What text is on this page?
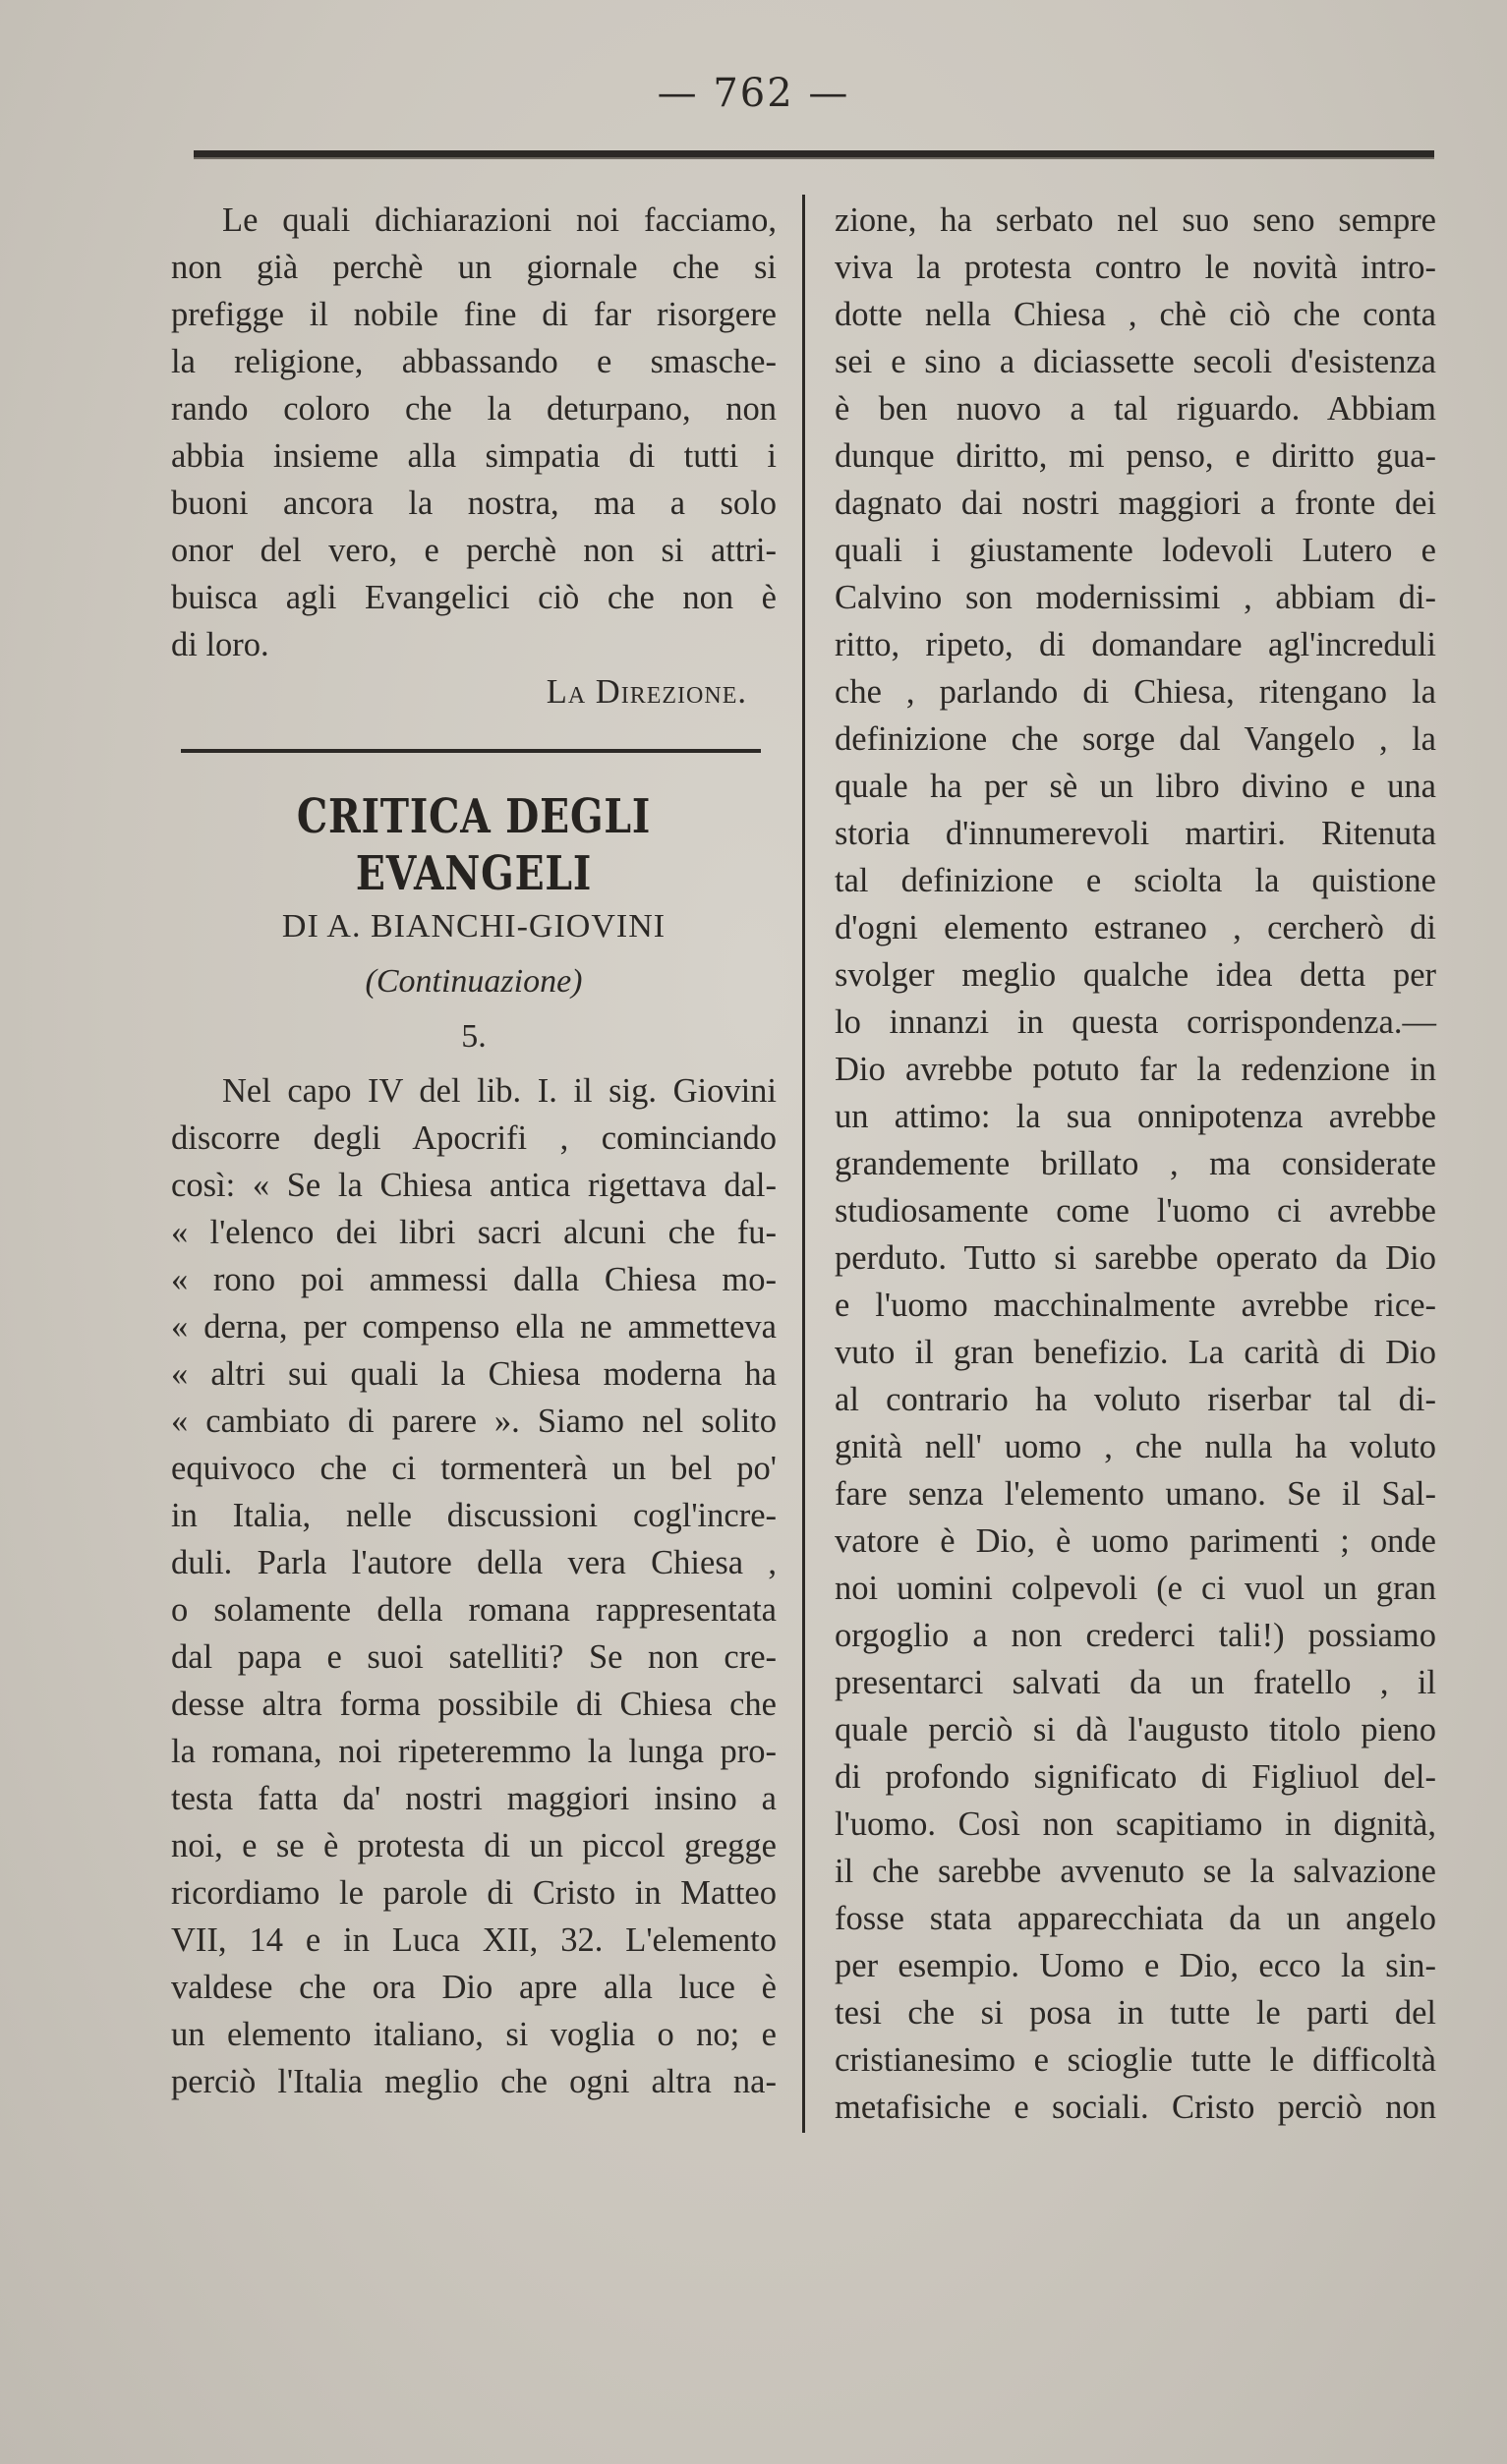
— 762 —
Le quali dichiarazioni noi facciamo,
non già perchè un giornale che si
prefigge il nobile fine di far risorgere
la religione, abbassando e smasche-
rando coloro che la deturpano, non
abbia insieme alla simpatia di tutti i
buoni ancora la nostra, ma a solo
onor del vero, e perchè non si attri-
buisca agli Evangelici ciò che non è
di loro.
La Direzione.
CRITICA DEGLI EVANGELI
DI A. BIANCHI-GIOVINI
(Continuazione)
5.
Nel capo IV del lib. I. il sig. Giovini
discorre degli Apocrifi , cominciando
così: « Se la Chiesa antica rigettava dal-
« l'elenco dei libri sacri alcuni che fu-
« rono poi ammessi dalla Chiesa mo-
« derna, per compenso ella ne ammetteva
« altri sui quali la Chiesa moderna ha
« cambiato di parere ». Siamo nel solito
equivoco che ci tormenterà un bel po'
in Italia, nelle discussioni cogl'incre-
duli. Parla l'autore della vera Chiesa ,
o solamente della romana rappresentata
dal papa e suoi satelliti? Se non cre-
desse altra forma possibile di Chiesa che
la romana, noi ripeteremmo la lunga pro-
testa fatta da' nostri maggiori insino a
noi, e se è protesta di un piccol gregge
ricordiamo le parole di Cristo in Matteo
VII, 14 e in Luca XII, 32. L'elemento
valdese che ora Dio apre alla luce è
un elemento italiano, si voglia o no; e
perciò l'Italia meglio che ogni altra na-
zione, ha serbato nel suo seno sempre
viva la protesta contro le novità intro-
dotte nella Chiesa , chè ciò che conta
sei e sino a diciassette secoli d'esistenza
è ben nuovo a tal riguardo. Abbiam
dunque diritto, mi penso, e diritto gua-
dagnato dai nostri maggiori a fronte dei
quali i giustamente lodevoli Lutero e
Calvino son modernissimi , abbiam di-
ritto, ripeto, di domandare agl'increduli
che , parlando di Chiesa, ritengano la
definizione che sorge dal Vangelo , la
quale ha per sè un libro divino e una
storia d'innumerevoli martiri. Ritenuta
tal definizione e sciolta la quistione
d'ogni elemento estraneo , cercherò di
svolger meglio qualche idea detta per
lo innanzi in questa corrispondenza.—
Dio avrebbe potuto far la redenzione in
un attimo: la sua onnipotenza avrebbe
grandemente brillato , ma considerate
studiosamente come l'uomo ci avrebbe
perduto. Tutto si sarebbe operato da Dio
e l'uomo macchinalmente avrebbe rice-
vuto il gran benefizio. La carità di Dio
al contrario ha voluto riserbar tal di-
gnità nell' uomo , che nulla ha voluto
fare senza l'elemento umano. Se il Sal-
vatore è Dio, è uomo parimenti ; onde
noi uomini colpevoli (e ci vuol un gran
orgoglio a non crederci tali!) possiamo
presentarci salvati da un fratello , il
quale perciò si dà l'augusto titolo pieno
di profondo significato di Figliuol del-
l'uomo. Così non scapitiamo in dignità,
il che sarebbe avvenuto se la salvazione
fosse stata apparecchiata da un angelo
per esempio. Uomo e Dio, ecco la sin-
tesi che si posa in tutte le parti del
cristianesimo e scioglie tutte le difficoltà
metafisiche e sociali. Cristo perciò non
